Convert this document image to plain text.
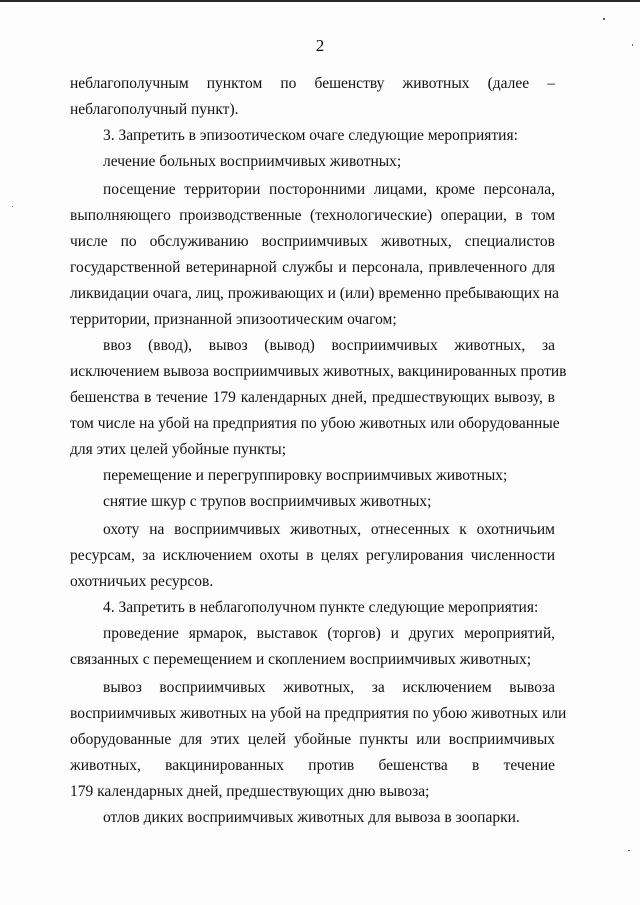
2
неблагополучным пунктом по бешенству животных (далее –
неблагополучный пункт).
3. Запретить в эпизоотическом очаге следующие мероприятия:
лечение больных восприимчивых животных;
посещение территории посторонними лицами, кроме персонала,
выполняющего производственные (технологические) операции, в том
числе по обслуживанию восприимчивых животных, специалистов
государственной ветеринарной службы и персонала, привлеченного для
ликвидации очага, лиц, проживающих и (или) временно пребывающих на
территории, признанной эпизоотическим очагом;
ввоз (ввод), вывоз (вывод) восприимчивых животных, за
исключением вывоза восприимчивых животных, вакцинированных против
бешенства в течение 179 календарных дней, предшествующих вывозу, в
том числе на убой на предприятия по убою животных или оборудованные
для этих целей убойные пункты;
перемещение и перегруппировку восприимчивых животных;
снятие шкур с трупов восприимчивых животных;
охоту на восприимчивых животных, отнесенных к охотничьим
ресурсам, за исключением охоты в целях регулирования численности
охотничьих ресурсов.
4. Запретить в неблагополучном пункте следующие мероприятия:
проведение ярмарок, выставок (торгов) и других мероприятий,
связанных с перемещением и скоплением восприимчивых животных;
вывоз восприимчивых животных, за исключением вывоза
восприимчивых животных на убой на предприятия по убою животных или
оборудованные для этих целей убойные пункты или восприимчивых
животных, вакцинированных против бешенства в течение
179 календарных дней, предшествующих дню вывоза;
отлов диких восприимчивых животных для вывоза в зоопарки.
